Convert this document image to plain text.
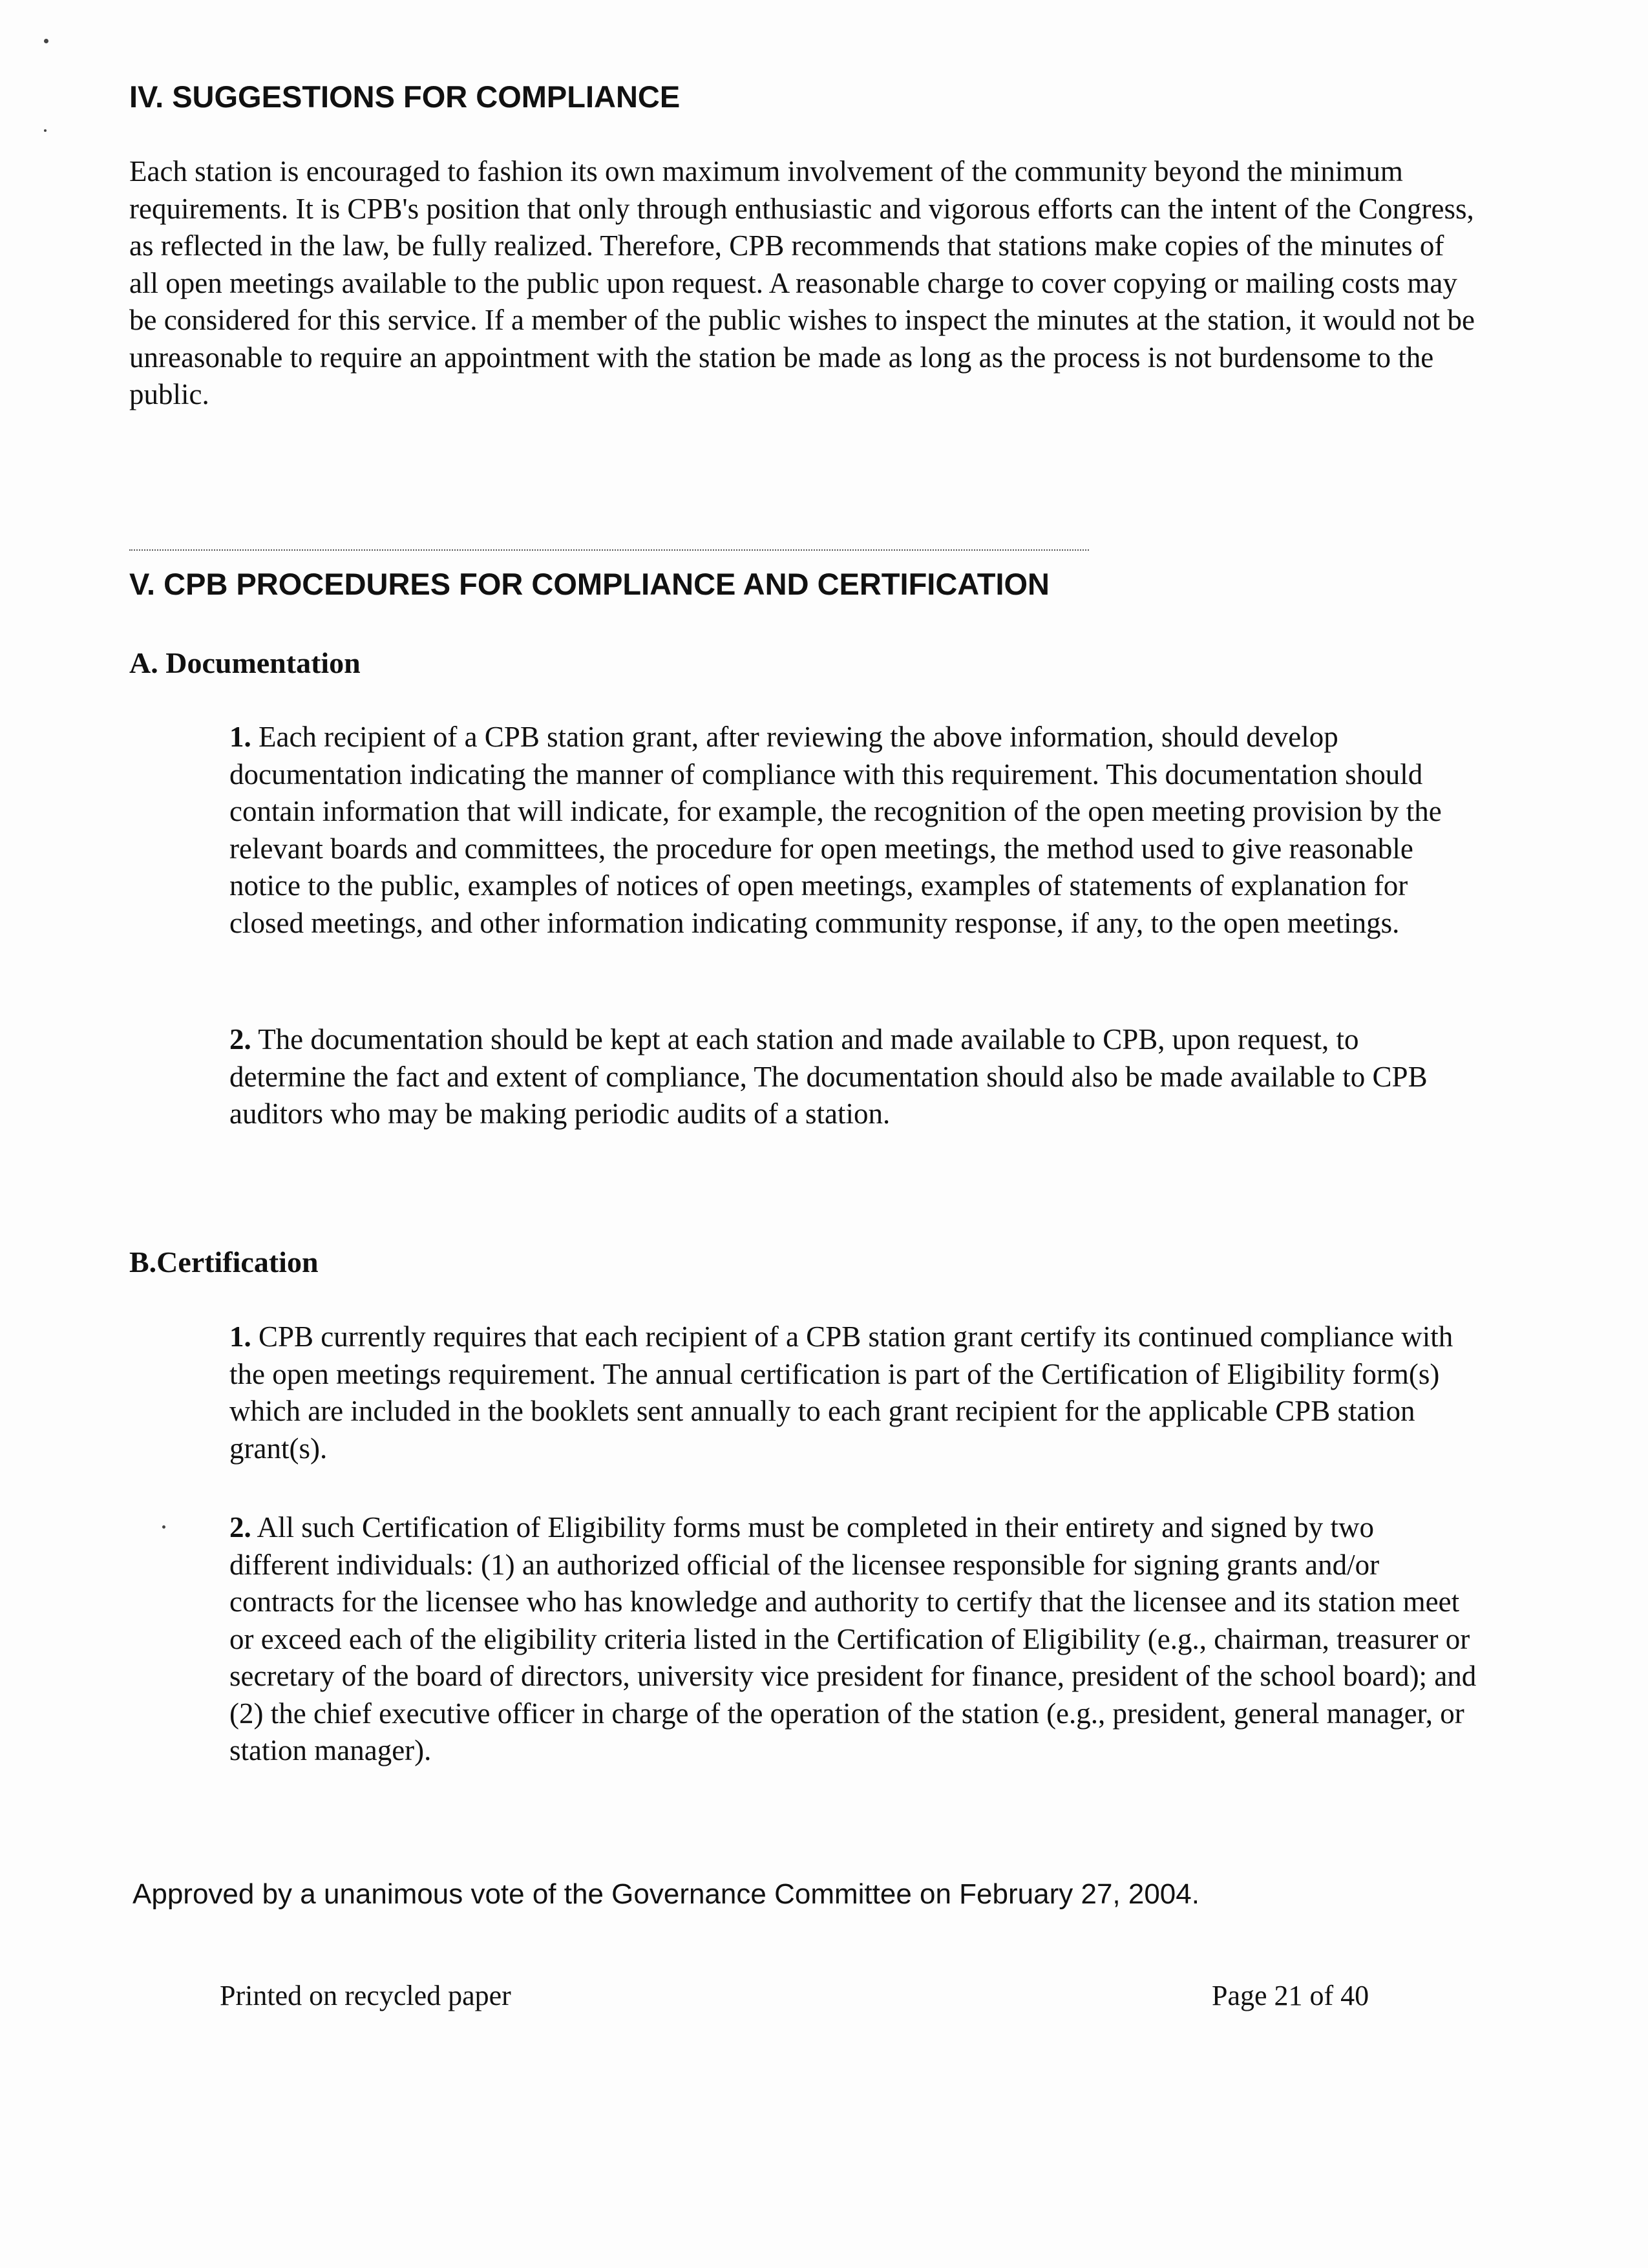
IV. SUGGESTIONS FOR COMPLIANCE

Each station is encouraged to fashion its own maximum involvement of the community beyond the minimum requirements. It is CPB's position that only through enthusiastic and vigorous efforts can the intent of the Congress, as reflected in the law, be fully realized. Therefore, CPB recommends that stations make copies of the minutes of all open meetings available to the public upon request. A reasonable charge to cover copying or mailing costs may be considered for this service. If a member of the public wishes to inspect the minutes at the station, it would not be unreasonable to require an appointment with the station be made as long as the process is not burdensome to the public.

V. CPB PROCEDURES FOR COMPLIANCE AND CERTIFICATION
A. Documentation

1. Each recipient of a CPB station grant, after reviewing the above information, should develop documentation indicating the manner of compliance with this requirement. This documentation should contain information that will indicate, for example, the recognition of the open meeting provision by the relevant boards and committees, the procedure for open meetings, the method used to give reasonable notice to the public, examples of notices of open meetings, examples of statements of explanation for closed meetings, and other information indicating community response, if any, to the open meetings.

2. The documentation should be kept at each station and made available to CPB, upon request, to determine the fact and extent of compliance, The documentation should also be made available to CPB auditors who may be making periodic audits of a station.

B.Certification

1. CPB currently requires that each recipient of a CPB station grant certify its continued compliance with the open meetings requirement. The annual certification is part of the Certification of Eligibility form(s) which are included in the booklets sent annually to each grant recipient for the applicable CPB station grant(s).

2. All such Certification of Eligibility forms must be completed in their entirety and signed by two different individuals: (1) an authorized official of the licensee responsible for signing grants and/or contracts for the licensee who has knowledge and authority to certify that the licensee and its station meet or exceed each of the eligibility criteria listed in the Certification of Eligibility (e.g., chairman, treasurer or secretary of the board of directors, university vice president for finance, president of the school board); and (2) the chief executive officer in charge of the operation of the station (e.g., president, general manager, or station manager).

Approved by a unanimous vote of the Governance Committee on February 27, 2004.

Printed on recycled paper	Page 21 of 40
